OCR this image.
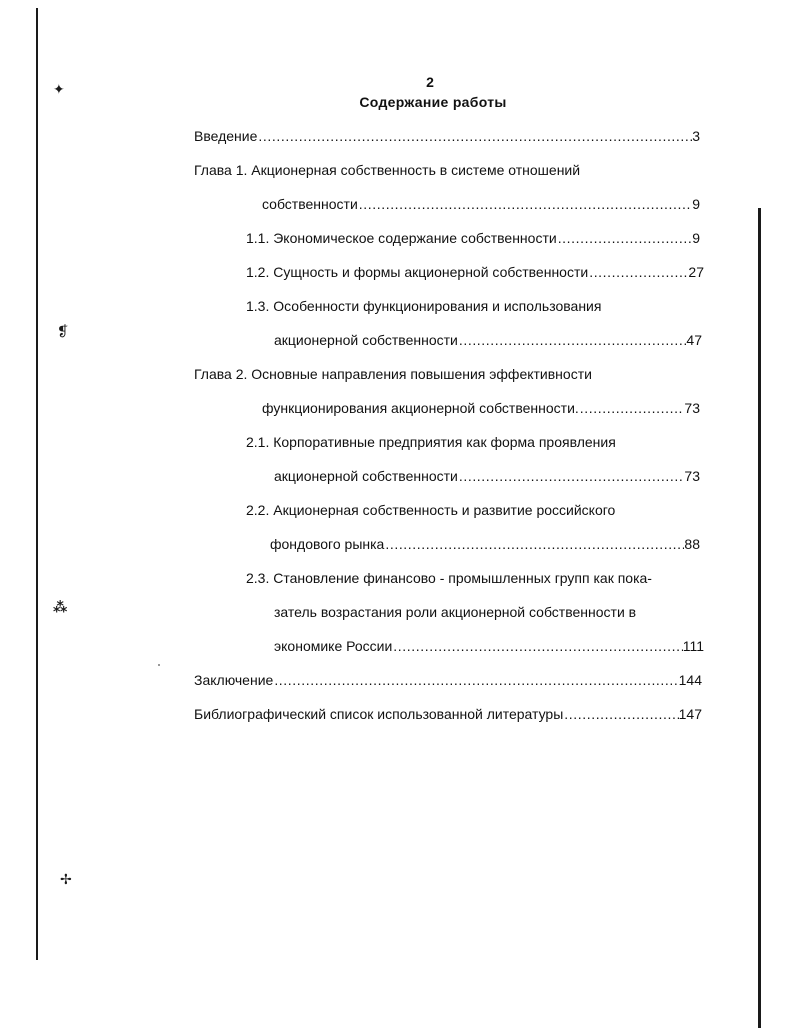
✦
❡
⁂
✢
2
Содержание работы
Введение .....	3
Глава 1. Акционерная собственность в системе отношений
собственности .....	9
1.1. Экономическое содержание собственности .....	9
1.2. Сущность и формы акционерной собственности .....	27
1.3. Особенности функционирования и использования
акционерной собственности .....	47
Глава 2. Основные направления повышения эффективности
функционирования акционерной собственности. .....	73
2.1. Корпоративные предприятия как форма проявления
акционерной собственности .....	73
2.2. Акционерная собственность и развитие российского
фондового рынка .....	88
2.3. Становление финансово - промышленных групп как пока-
затель возрастания роли акционерной собственности в
экономике России .....	111
Заключение .....	144
Библиографический список использованной литературы .....	147
